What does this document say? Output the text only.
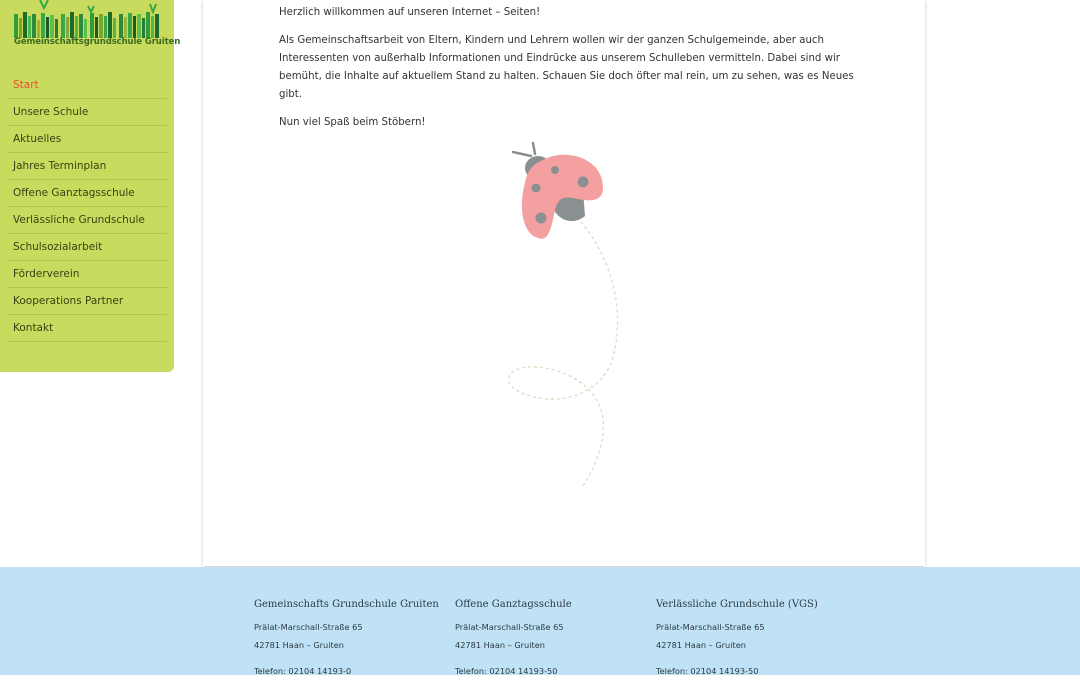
Gemeinschaftsgrundschule Gruiten
Start
Unsere Schule
Aktuelles
Jahres Terminplan
Offene Ganztagsschule
Verlässliche Grundschule
Schulsozialarbeit
Förderverein
Kooperations Partner
Kontakt

Herzlich willkommen auf unseren Internet – Seiten!

Als Gemeinschaftsarbeit von Eltern, Kindern und Lehrern wollen wir der ganzen Schulgemeinde, aber auch Interessenten von außerhalb Informationen und Eindrücke aus unserem Schulleben vermitteln. Dabei sind wir bemüht, die Inhalte auf aktuellem Stand zu halten. Schauen Sie doch öfter mal rein, um zu sehen, was es Neues gibt.

Nun viel Spaß beim Stöbern!

Gemeinschafts Grundschule Gruiten
Prälat-Marschall-Straße 65
42781 Haan – Gruiten
Telefon: 02104 14193-0
Offene Ganztagsschule
Prälat-Marschall-Straße 65
42781 Haan – Gruiten
Telefon: 02104 14193-50
Verlässliche Grundschule (VGS)
Prälat-Marschall-Straße 65
42781 Haan – Gruiten
Telefon: 02104 14193-50
